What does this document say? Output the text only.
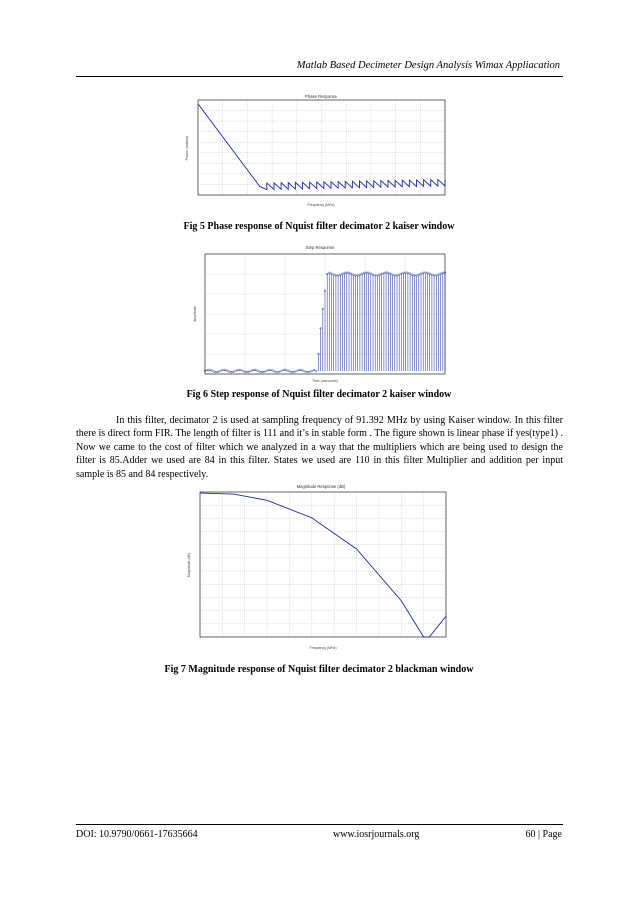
Matlab Based Decimeter Design Analysis Wimax Appliacation
Phase Response
Frequency (MHz)
Phase (radians)
Fig 5 Phase response of Nquist filter decimator 2 kaiser window
Step Response
Time (useconds)
Amplitude
Fig 6 Step response of Nquist filter decimator 2 kaiser window

In this filter, decimator 2 is used at sampling frequency of 91.392 MHz by using Kaiser window. In this filter there is direct form FIR. The length of filter is 111 and it’s in stable form . The figure shown is linear phase if yes(type1) . Now we came to the cost of filter which we analyzed in a way that the multipliers which are being used to design the filter is 85.Adder we used are 84 in this filter. States we used are 110 in this filter Multiplier and addition per input sample is 85 and 84 respectively.

Magnitude Response (dB)
Frequency (MHz)
Magnitude (dB)
Fig 7 Magnitude response of Nquist filter decimator 2 blackman window
DOI: 10.9790/0661-17635664	www.iosrjournals.org	60 | Page
